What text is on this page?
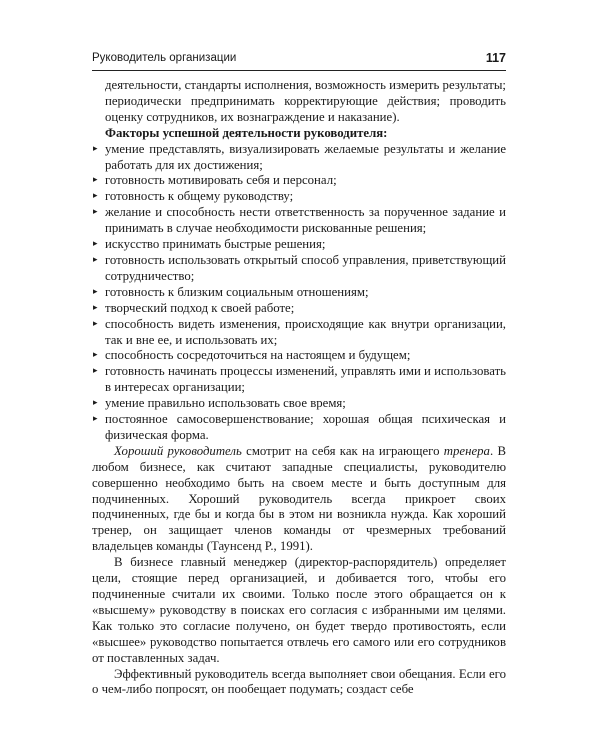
Руководитель организации	117

деятельности, стандарты исполнения, возможность измерить результаты; периодически предпринимать корректирующие действия; проводить оценку сотрудников, их вознаграждение и наказание).

Факторы успешной деятельности руководителя:
▸ умение представлять, визуализировать желаемые результаты и желание работать для их достижения;
▸ готовность мотивировать себя и персонал;
▸ готовность к общему руководству;
▸ желание и способность нести ответственность за порученное задание и принимать в случае необходимости рискованные решения;
▸ искусство принимать быстрые решения;
▸ готовность использовать открытый способ управления, приветствующий сотрудничество;
▸ готовность к близким социальным отношениям;
▸ творческий подход к своей работе;
▸ способность видеть изменения, происходящие как внутри организации, так и вне ее, и использовать их;
▸ способность сосредоточиться на настоящем и будущем;
▸ готовность начинать процессы изменений, управлять ими и использовать в интересах организации;
▸ умение правильно использовать свое время;
▸ постоянное самосовершенствование; хорошая общая психическая и физическая форма.

Хороший руководитель смотрит на себя как на играющего тренера. В любом бизнесе, как считают западные специалисты, руководителю совершенно необходимо быть на своем месте и быть доступным для подчиненных. Хороший руководитель всегда прикроет своих подчиненных, где бы и когда бы в этом ни возникла нужда. Как хороший тренер, он защищает членов команды от чрезмерных требований владельцев команды (Таунсенд Р., 1991).

В бизнесе главный менеджер (директор-распорядитель) определяет цели, стоящие перед организацией, и добивается того, чтобы его подчиненные считали их своими. Только после этого обращается он к «высшему» руководству в поисках его согласия с избранными им целями. Как только это согласие получено, он будет твердо противостоять, если «высшее» руководство попытается отвлечь его самого или его сотрудников от поставленных задач.

Эффективный руководитель всегда выполняет свои обещания. Если его о чем-либо попросят, он пообещает подумать; создаст себе
